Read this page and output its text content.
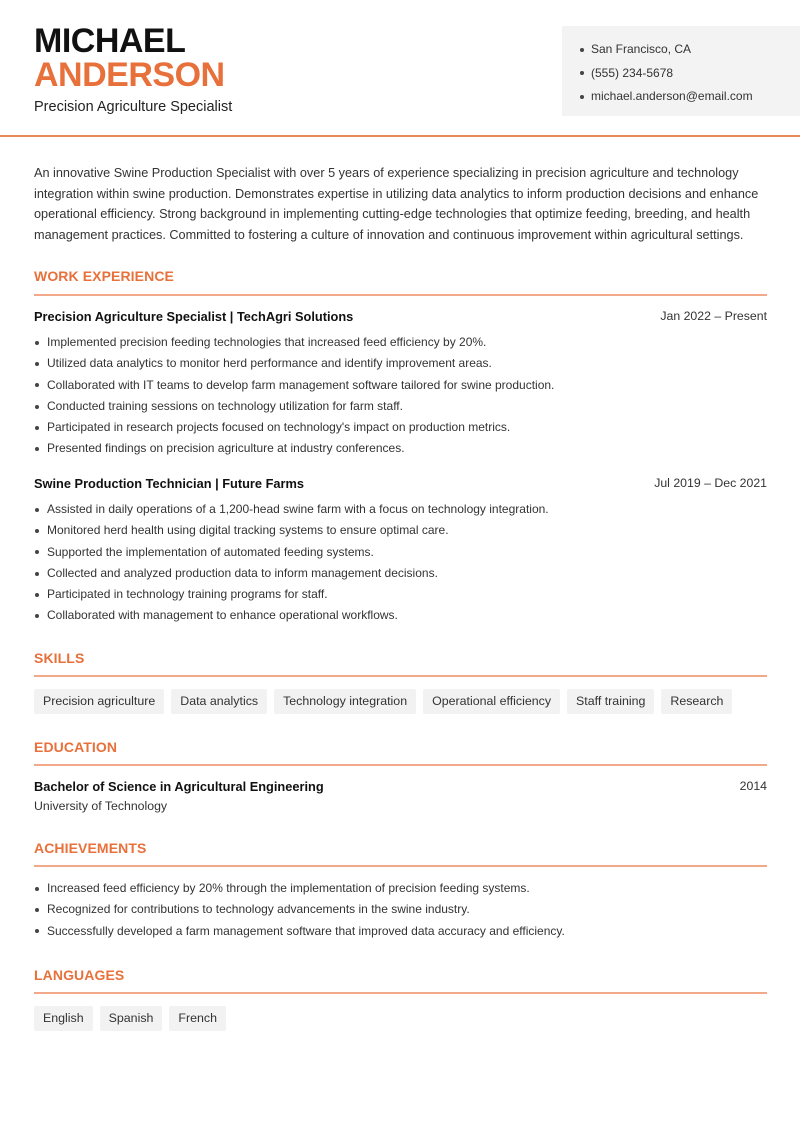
MICHAEL
ANDERSON
Precision Agriculture Specialist
San Francisco, CA
(555) 234-5678
michael.anderson@email.com

An innovative Swine Production Specialist with over 5 years of experience specializing in precision agriculture and technology integration within swine production. Demonstrates expertise in utilizing data analytics to inform production decisions and enhance operational efficiency. Strong background in implementing cutting-edge technologies that optimize feeding, breeding, and health management practices. Committed to fostering a culture of innovation and continuous improvement within agricultural settings.

WORK EXPERIENCE
Precision Agriculture Specialist | TechAgri Solutions	Jan 2022 – Present
Implemented precision feeding technologies that increased feed efficiency by 20%.
Utilized data analytics to monitor herd performance and identify improvement areas.
Collaborated with IT teams to develop farm management software tailored for swine production.
Conducted training sessions on technology utilization for farm staff.
Participated in research projects focused on technology's impact on production metrics.
Presented findings on precision agriculture at industry conferences.
Swine Production Technician | Future Farms	Jul 2019 – Dec 2021
Assisted in daily operations of a 1,200-head swine farm with a focus on technology integration.
Monitored herd health using digital tracking systems to ensure optimal care.
Supported the implementation of automated feeding systems.
Collected and analyzed production data to inform management decisions.
Participated in technology training programs for staff.
Collaborated with management to enhance operational workflows.
SKILLS
Precision agriculture	Data analytics	Technology integration	Operational efficiency	Staff training	Research
EDUCATION
Bachelor of Science in Agricultural Engineering	2014
University of Technology
ACHIEVEMENTS
Increased feed efficiency by 20% through the implementation of precision feeding systems.
Recognized for contributions to technology advancements in the swine industry.
Successfully developed a farm management software that improved data accuracy and efficiency.
LANGUAGES
English	Spanish	French
